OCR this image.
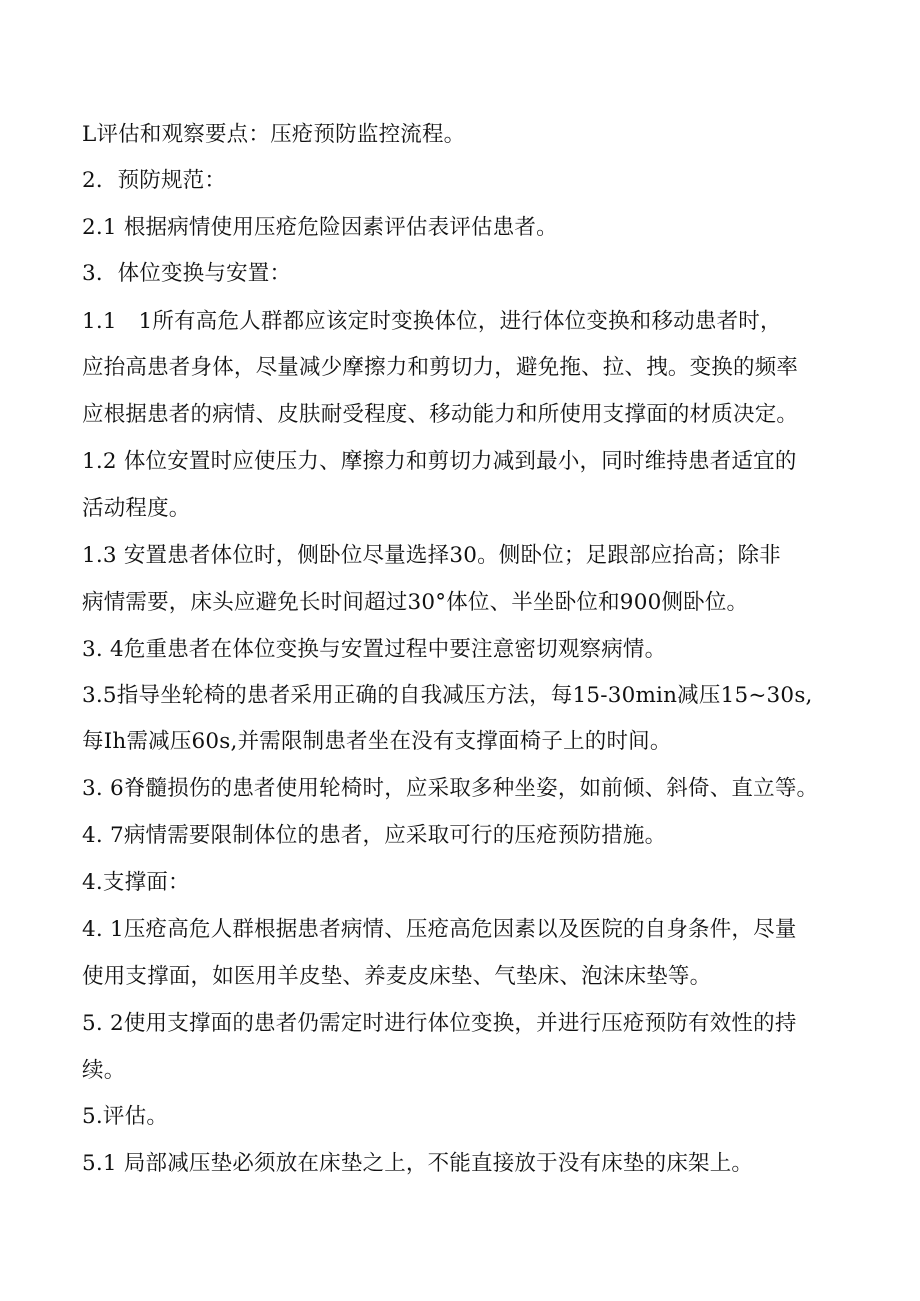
L评估和观察要点：压疮预防监控流程。
2．预防规范：
2.1 根据病情使用压疮危险因素评估表评估患者。
3．体位变换与安置：
1.1　1所有高危人群都应该定时变换体位，进行体位变换和移动患者时，
应抬高患者身体，尽量减少摩擦力和剪切力，避免拖、拉、拽。变换的频率
应根据患者的病情、皮肤耐受程度、移动能力和所使用支撑面的材质决定。
1.2 体位安置时应使压力、摩擦力和剪切力减到最小，同时维持患者适宜的
活动程度。
1.3 安置患者体位时，侧卧位尽量选择30。侧卧位；足跟部应抬高；除非
病情需要，床头应避免长时间超过30°体位、半坐卧位和900侧卧位。
3. 4危重患者在体位变换与安置过程中要注意密切观察病情。
3.5指导坐轮椅的患者采用正确的自我减压方法，每15-30min减压15~30s,
每Ih需减压60s,并需限制患者坐在没有支撑面椅子上的时间。
3. 6脊髓损伤的患者使用轮椅时，应采取多种坐姿，如前倾、斜倚、直立等。
4. 7病情需要限制体位的患者，应采取可行的压疮预防措施。
4.支撑面：
4. 1压疮高危人群根据患者病情、压疮高危因素以及医院的自身条件，尽量
使用支撑面，如医用羊皮垫、养麦皮床垫、气垫床、泡沫床垫等。
5. 2使用支撑面的患者仍需定时进行体位变换，并进行压疮预防有效性的持
续。
5.评估。
5.1 局部减压垫必须放在床垫之上，不能直接放于没有床垫的床架上。
